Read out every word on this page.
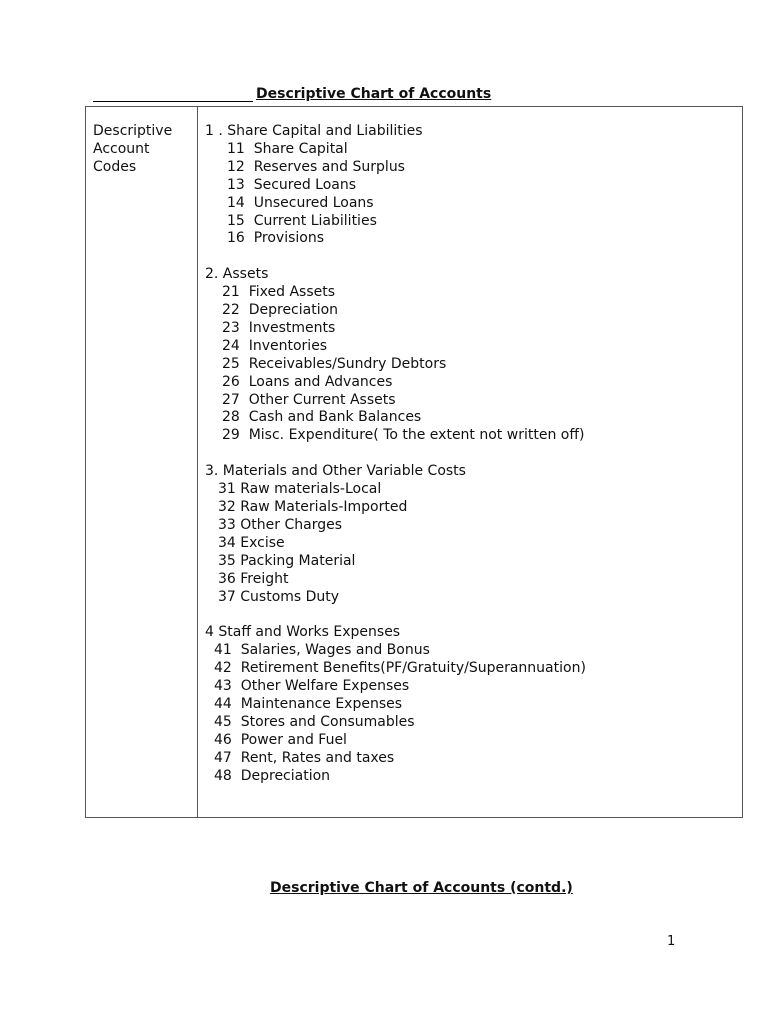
Descriptive Chart of Accounts
Descriptive
Account
Codes
1 . Share Capital and Liabilities
11  Share Capital
12  Reserves and Surplus
13  Secured Loans
14  Unsecured Loans
15  Current Liabilities
16  Provisions
2. Assets
21  Fixed Assets
22  Depreciation
23  Investments
24  Inventories
25  Receivables/Sundry Debtors
26  Loans and Advances
27  Other Current Assets
28  Cash and Bank Balances
29  Misc. Expenditure( To the extent not written off)
3. Materials and Other Variable Costs
31 Raw materials-Local
32 Raw Materials-Imported
33 Other Charges
34 Excise
35 Packing Material
36 Freight
37 Customs Duty
4 Staff and Works Expenses
41  Salaries, Wages and Bonus
42  Retirement Benefits(PF/Gratuity/Superannuation)
43  Other Welfare Expenses
44  Maintenance Expenses
45  Stores and Consumables
46  Power and Fuel
47  Rent, Rates and taxes
48  Depreciation
Descriptive Chart of Accounts (contd.)
1
